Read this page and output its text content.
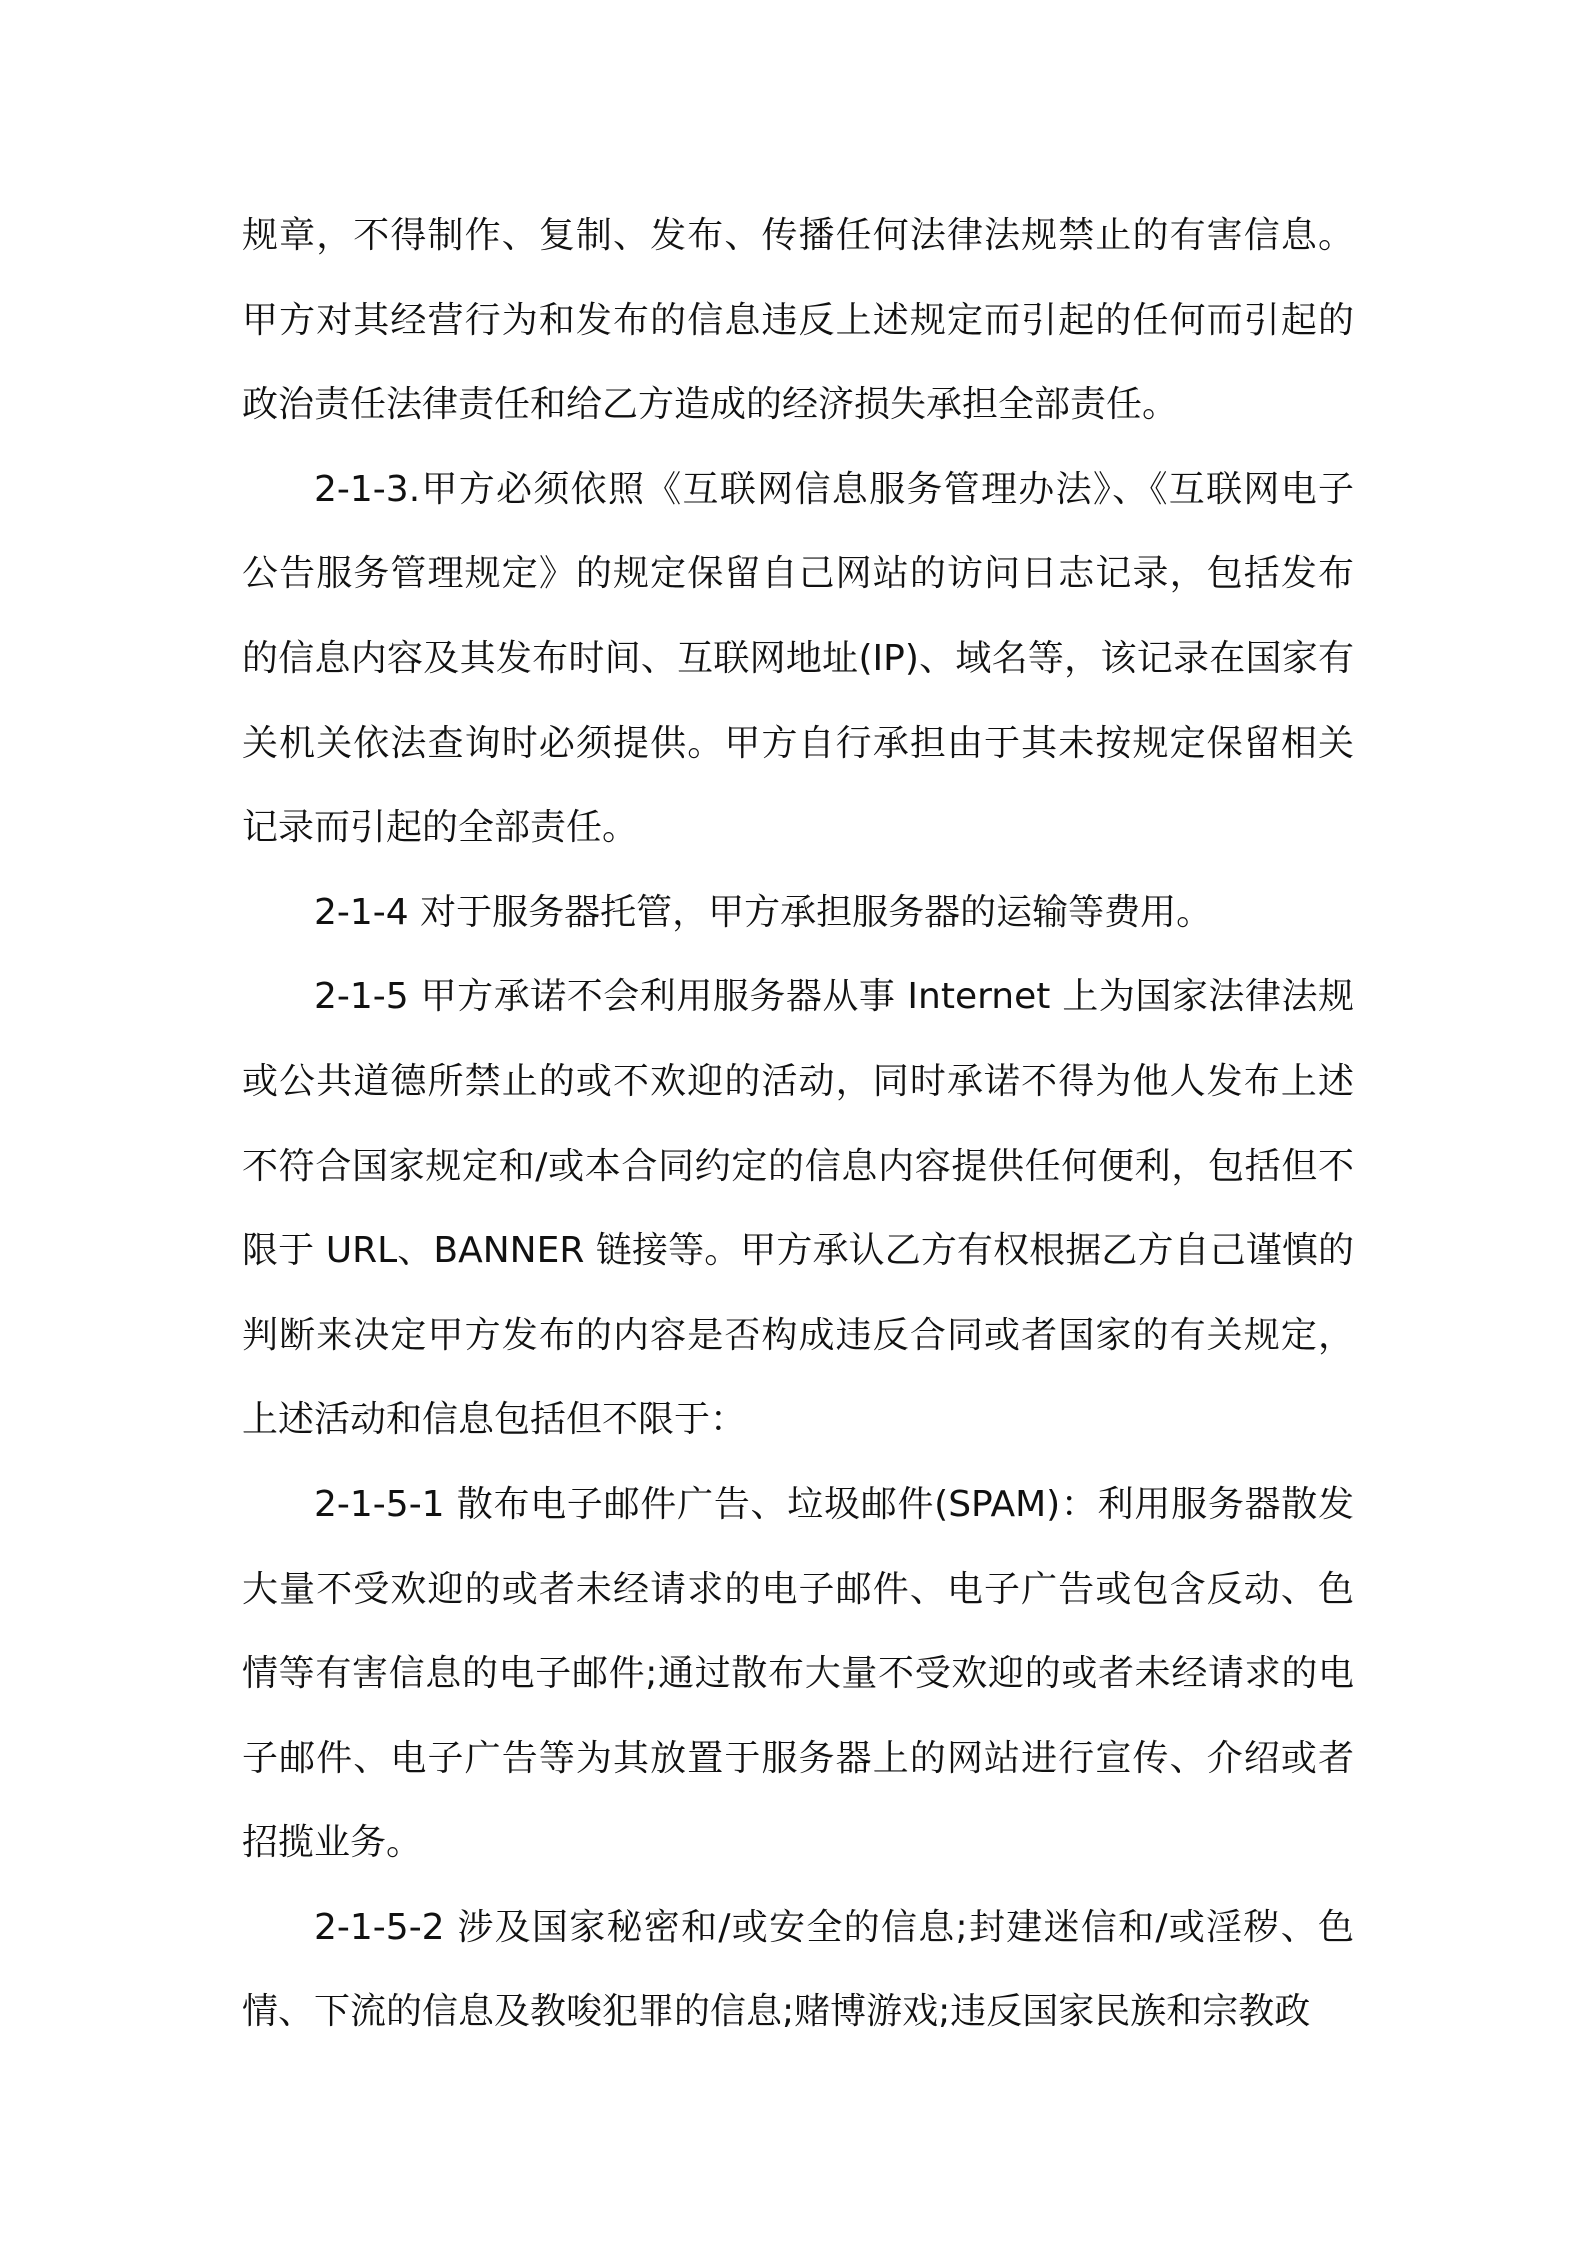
规章，不得制作、复制、发布、传播任何法律法规禁止的有害信息。甲方对其经营行为和发布的信息违反上述规定而引起的任何而引起的政治责任法律责任和给乙方造成的经济损失承担全部责任。

2-1-3.甲方必须依照《互联网信息服务管理办法》、《互联网电子公告服务管理规定》的规定保留自己网站的访问日志记录，包括发布的信息内容及其发布时间、互联网地址(IP)、域名等，该记录在国家有关机关依法查询时必须提供。甲方自行承担由于其未按规定保留相关记录而引起的全部责任。

2-1-4 对于服务器托管，甲方承担服务器的运输等费用。

2-1-5 甲方承诺不会利用服务器从事 Internet 上为国家法律法规或公共道德所禁止的或不欢迎的活动，同时承诺不得为他人发布上述不符合国家规定和/或本合同约定的信息内容提供任何便利，包括但不限于 URL、BANNER 链接等。甲方承认乙方有权根据乙方自己谨慎的判断来决定甲方发布的内容是否构成违反合同或者国家的有关规定，上述活动和信息包括但不限于：

2-1-5-1 散布电子邮件广告、垃圾邮件(SPAM)：利用服务器散发大量不受欢迎的或者未经请求的电子邮件、电子广告或包含反动、色情等有害信息的电子邮件;通过散布大量不受欢迎的或者未经请求的电子邮件、电子广告等为其放置于服务器上的网站进行宣传、介绍或者招揽业务。

2-1-5-2 涉及国家秘密和/或安全的信息;封建迷信和/或淫秽、色情、下流的信息及教唆犯罪的信息;赌博游戏;违反国家民族和宗教政
